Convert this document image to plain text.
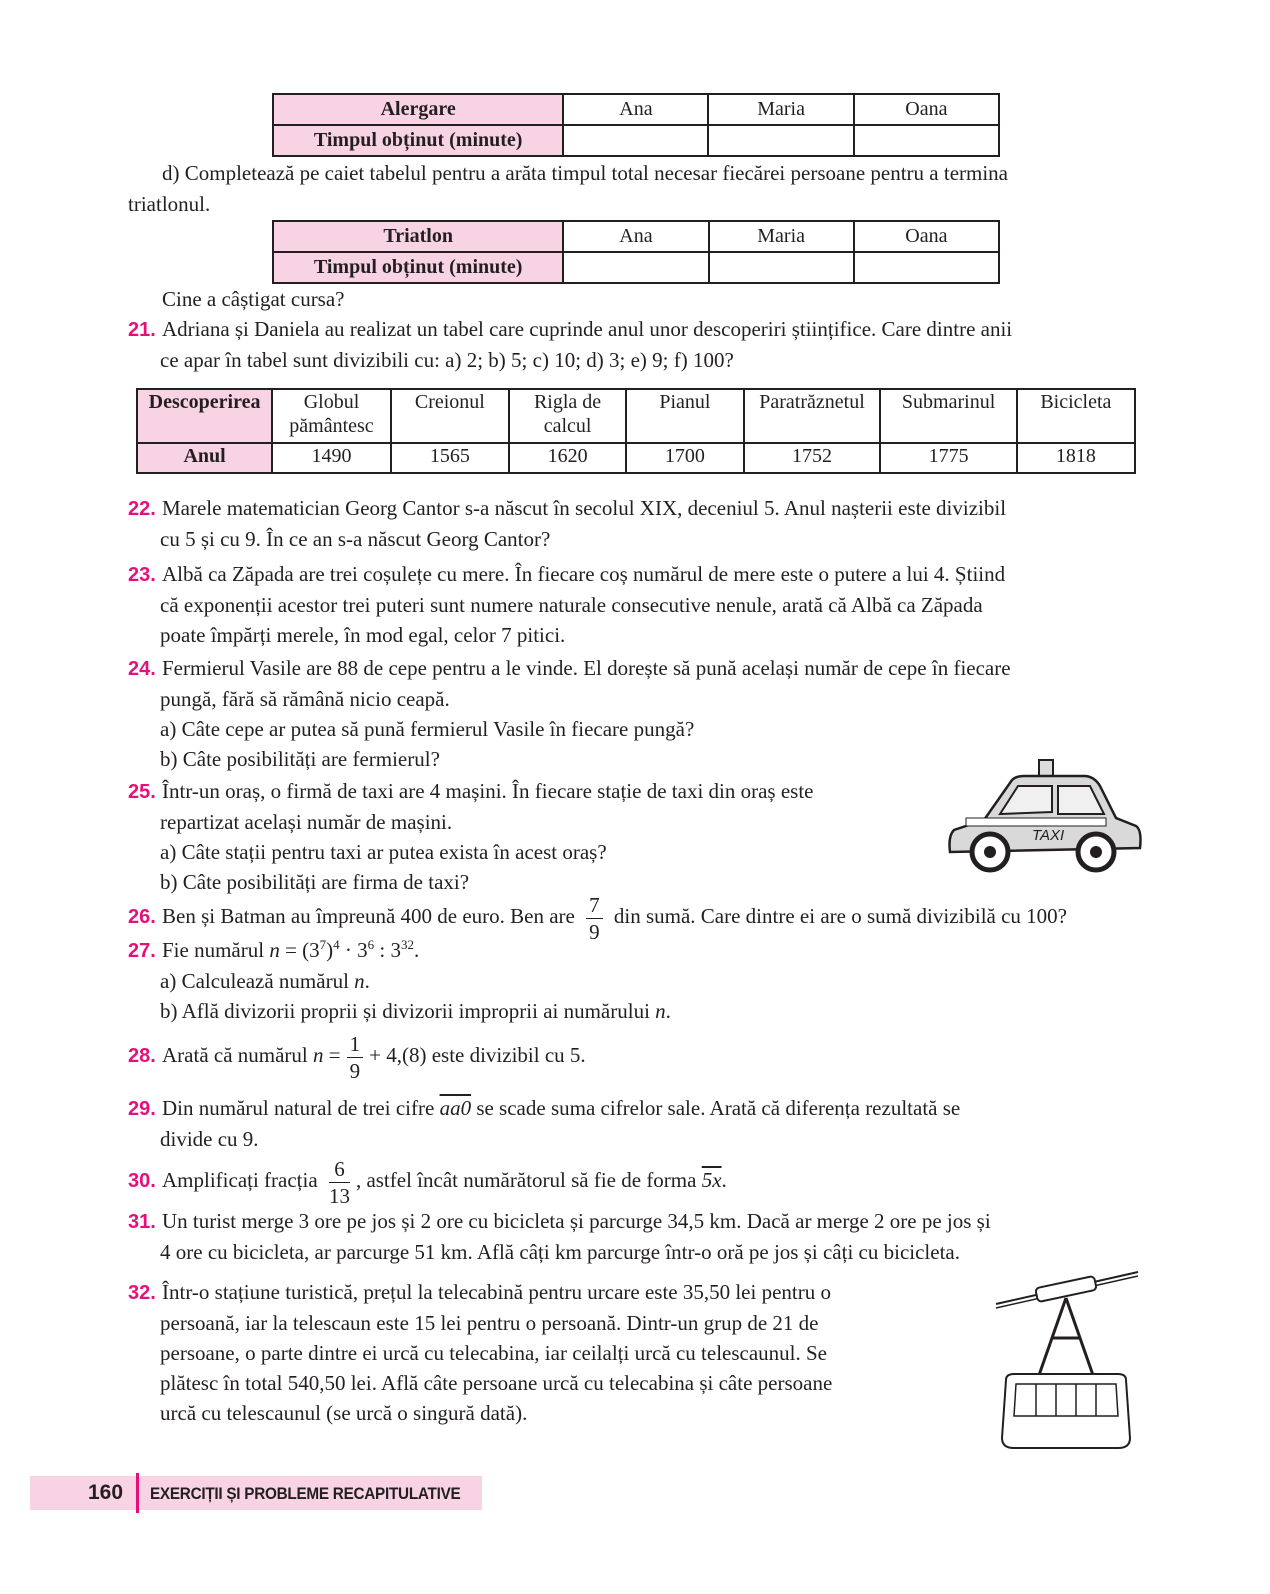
Alergare	Ana	Maria	Oana
Timpul obținut (minute)			
d) Completează pe caiet tabelul pentru a arăta timpul total necesar fiecărei persoane pentru a termina
triatlonul.
Triatlon	Ana	Maria	Oana
Timpul obținut (minute)			
Cine a câștigat cursa?
21. Adriana și Daniela au realizat un tabel care cuprinde anul unor descoperiri științifice. Care dintre anii
ce apar în tabel sunt divizibili cu: a) 2; b) 5; c) 10; d) 3; e) 9; f) 100?
Descoperirea	Globul pământesc	Creionul	Rigla de calcul	Pianul	Paratrăznetul	Submarinul	Bicicleta
Anul	1490	1565	1620	1700	1752	1775	1818
22. Marele matematician Georg Cantor s-a născut în secolul XIX, deceniul 5. Anul nașterii este divizibil
cu 5 și cu 9. În ce an s-a născut Georg Cantor?
23. Albă ca Zăpada are trei coșulețe cu mere. În fiecare coș numărul de mere este o putere a lui 4. Știind
că exponenții acestor trei puteri sunt numere naturale consecutive nenule, arată că Albă ca Zăpada
poate împărți merele, în mod egal, celor 7 pitici.
24. Fermierul Vasile are 88 de cepe pentru a le vinde. El dorește să pună același număr de cepe în fiecare
pungă, fără să rămână nicio ceapă.
a) Câte cepe ar putea să pună fermierul Vasile în fiecare pungă?
b) Câte posibilități are fermierul?
25. Într-un oraș, o firmă de taxi are 4 mașini. În fiecare stație de taxi din oraș este
repartizat același număr de mașini.
a) Câte stații pentru taxi ar putea exista în acest oraș?
b) Câte posibilități are firma de taxi?
TAXI
26. Ben și Batman au împreună 400 de euro. Ben are $\frac{7}{9}$ din sumă. Care dintre ei are o sumă divizibilă cu 100?
27. Fie numărul $n = (3^7)^4 \cdot 3^6$ : $3^{32}$.
a) Calculează numărul n.
b) Află divizorii proprii și divizorii improprii ai numărului n.
28. Arată că numărul $n = \frac{1}{9} + 4,(8)$ este divizibil cu 5.
29. Din numărul natural de trei cifre aa0 se scade suma cifrelor sale. Arată că diferența rezultată se
divide cu 9.
30. Amplificați fracția $\frac{6}{13}$ , astfel încât numărătorul să fie de forma 5x.
31. Un turist merge 3 ore pe jos și 2 ore cu bicicleta și parcurge 34,5 km. Dacă ar merge 2 ore pe jos și
4 ore cu bicicleta, ar parcurge 51 km. Află câți km parcurge într-o oră pe jos și câți cu bicicleta.
32. Într-o stațiune turistică, prețul la telecabină pentru urcare este 35,50 lei pentru o
persoană, iar la telescaun este 15 lei pentru o persoană. Dintr-un grup de 21 de
persoane, o parte dintre ei urcă cu telecabina, iar ceilalți urcă cu telescaunul. Se
plătesc în total 540,50 lei. Află câte persoane urcă cu telecabina și câte persoane
urcă cu telescaunul (se urcă o singură dată).
160 EXERCIȚII ȘI PROBLEME RECAPITULATIVE
